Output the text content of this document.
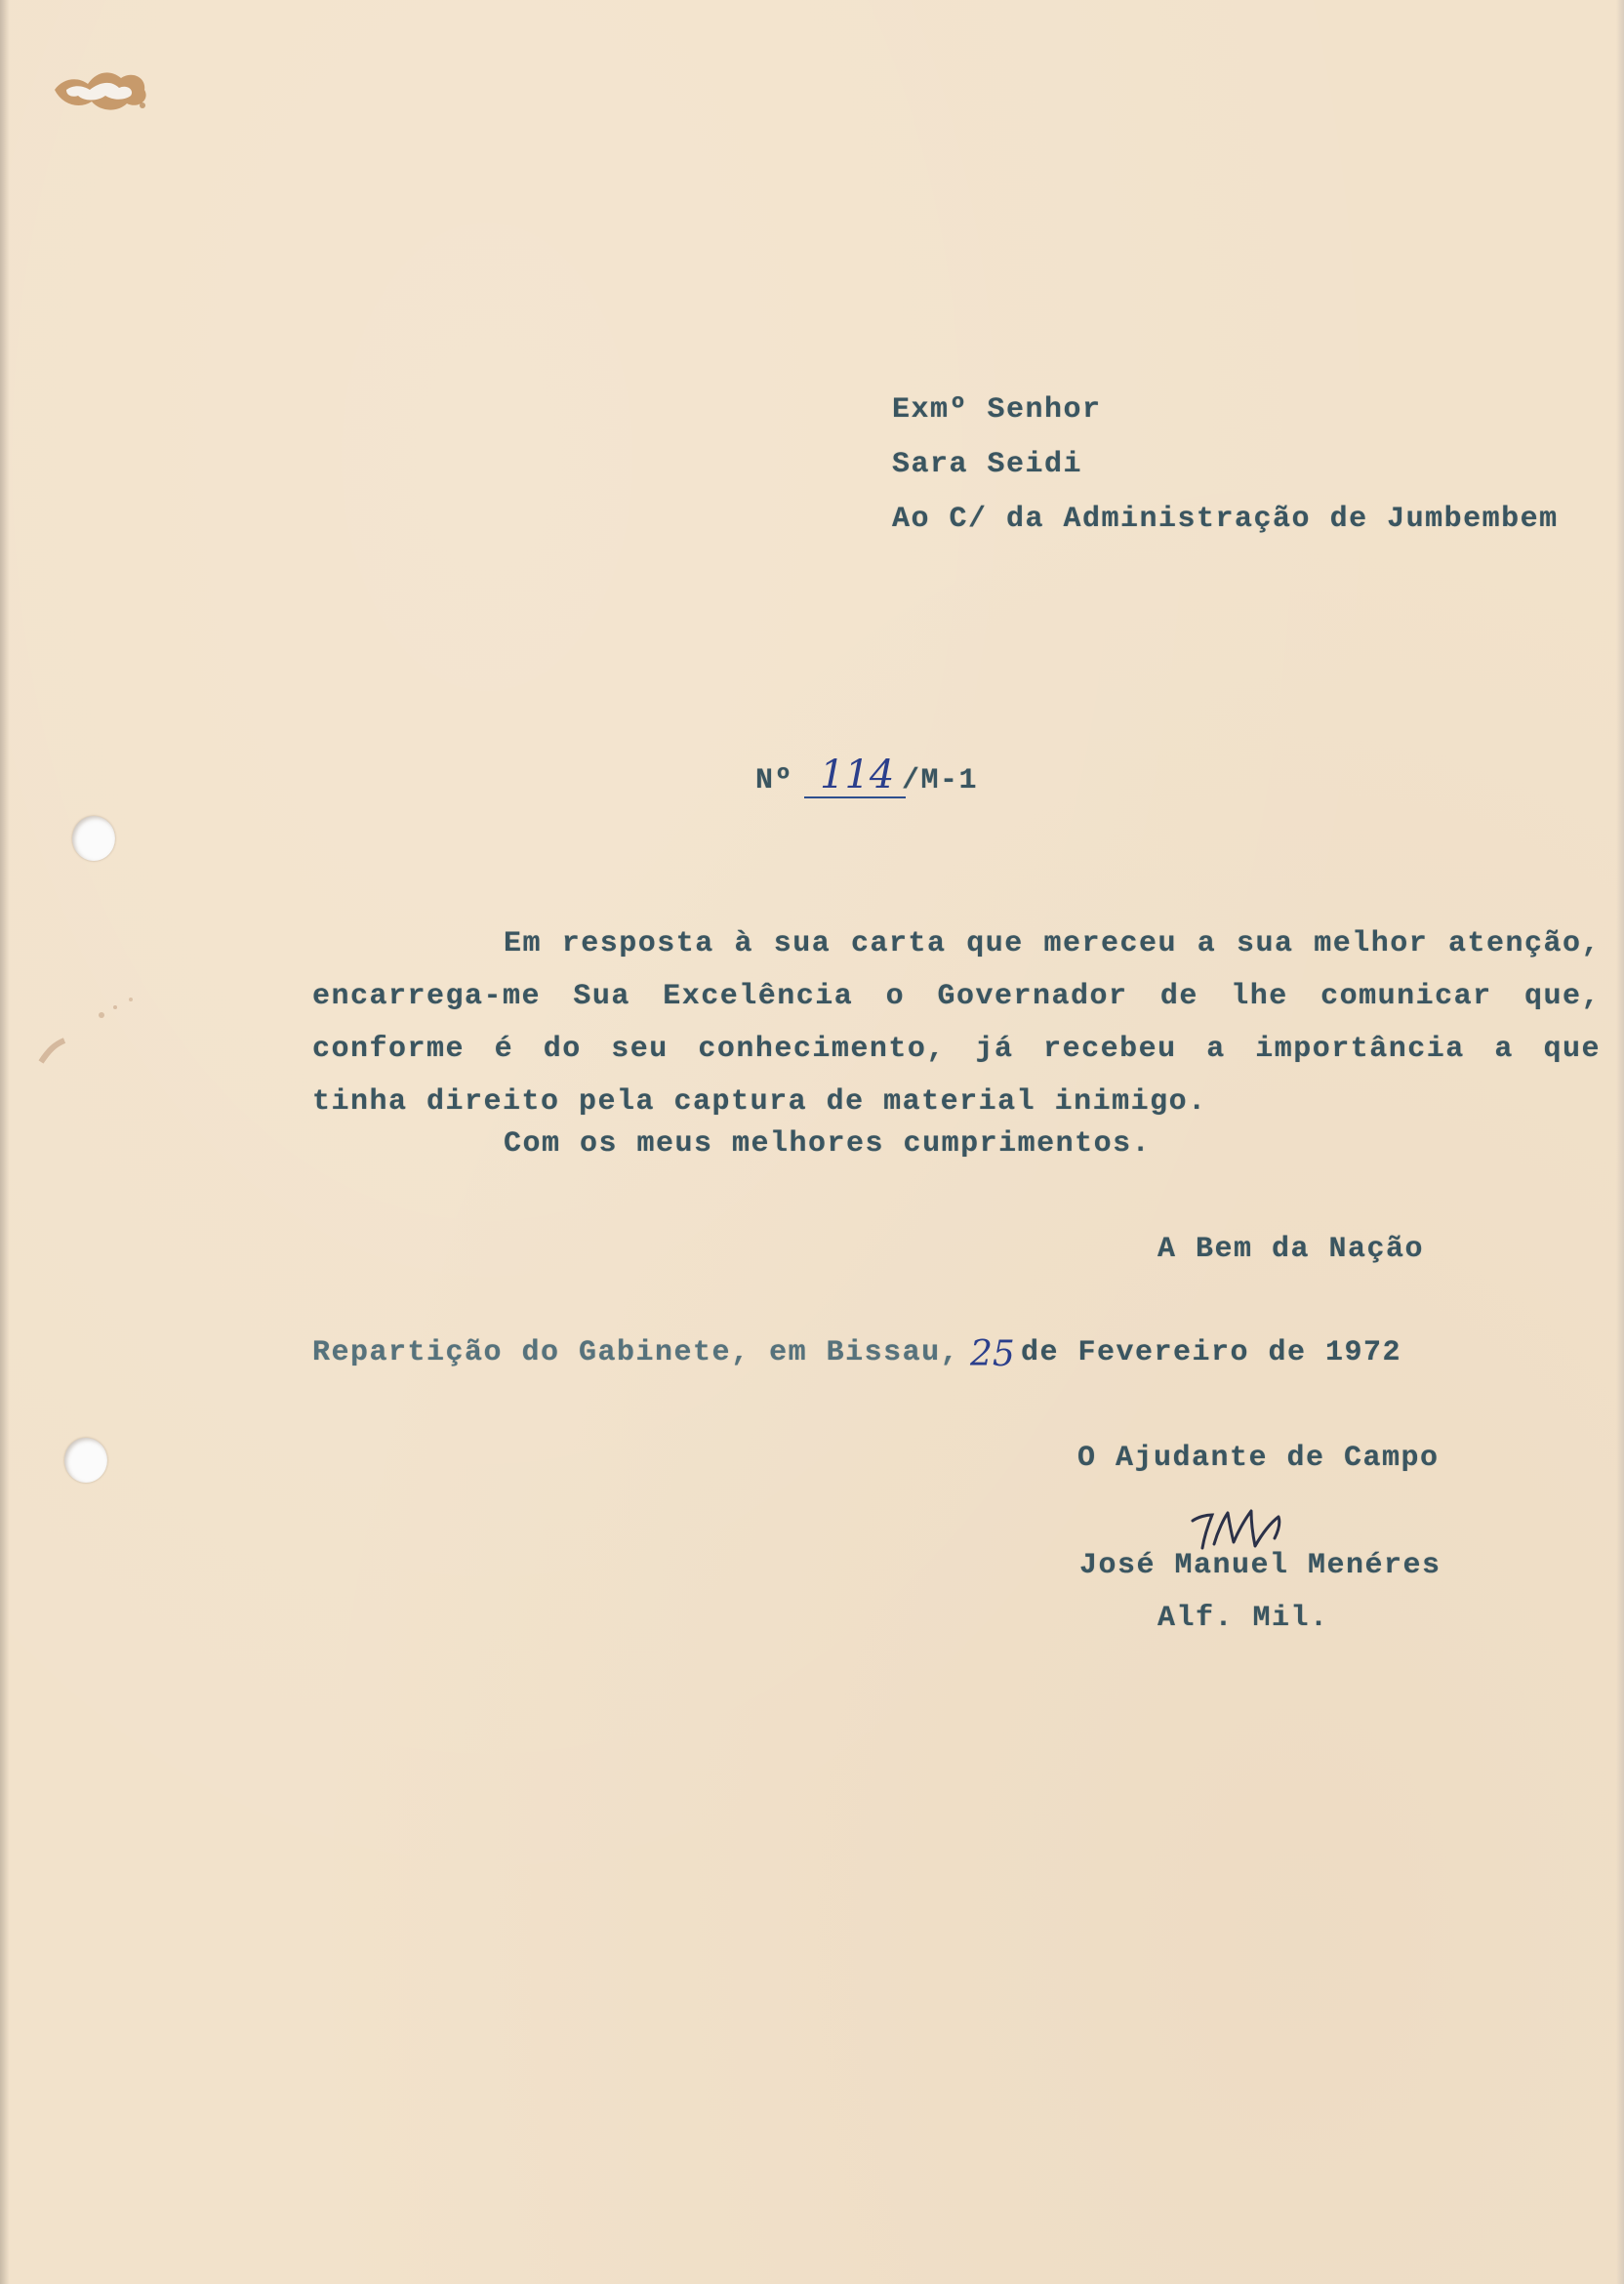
Exmº Senhor

Sara Seidi

Ao C/ da Administração de Jumbembem

Nº 114 /M-1

Em resposta à sua carta que mereceu a sua melhor atenção, encarrega-me Sua Excelência o Governador de lhe comunicar que, conforme é do seu conhecimento, já recebeu a importância a que tinha direito pela captura de material inimigo.

Com os meus melhores cumprimentos.

A Bem da Nação

Repartição do Gabinete, em Bissau, 25 de Fevereiro de 1972

O Ajudante de Campo

José Manuel Menéres

Alf. Mil.
